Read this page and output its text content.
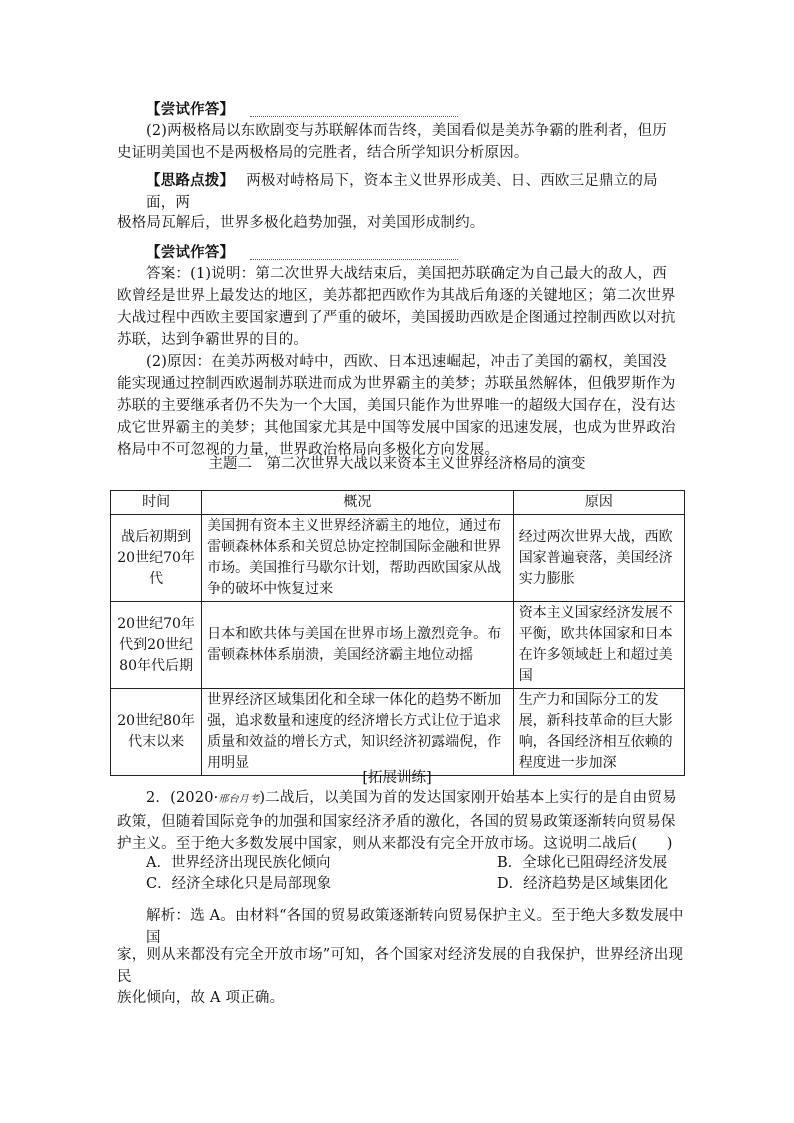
【尝试作答】
(2)两极格局以东欧剧变与苏联解体而告终，美国看似是美苏争霸的胜利者，但历史证明美国也不是两极格局的完胜者，结合所学知识分析原因。
【思路点拨】 两极对峙格局下，资本主义世界形成美、日、西欧三足鼎立的局面，两
极格局瓦解后，世界多极化趋势加强，对美国形成制约。
【尝试作答】
答案：(1)说明：第二次世界大战结束后，美国把苏联确定为自己最大的敌人，西欧曾经是世界上最发达的地区，美苏都把西欧作为其战后角逐的关键地区；第二次世界大战过程中西欧主要国家遭到了严重的破坏，美国援助西欧是企图通过控制西欧以对抗苏联，达到争霸世界的目的。
(2)原因：在美苏两极对峙中，西欧、日本迅速崛起，冲击了美国的霸权，美国没能实现通过控制西欧遏制苏联进而成为世界霸主的美梦；苏联虽然解体，但俄罗斯作为苏联的主要继承者仍不失为一个大国，美国只能作为世界唯一的超级大国存在，没有达成它世界霸主的美梦；其他国家尤其是中国等发展中国家的迅速发展，也成为世界政治格局中不可忽视的力量，世界政治格局向多极化方向发展。
主题二　第二次世界大战以来资本主义世界经济格局的演变
时间	概况	原因
战后初期到20世纪70年代	美国拥有资本主义世界经济霸主的地位，通过布雷顿森林体系和关贸总协定控制国际金融和世界市场。美国推行马歇尔计划，帮助西欧国家从战争的破坏中恢复过来	经过两次世界大战，西欧国家普遍衰落，美国经济实力膨胀
20世纪70年代到20世纪80年代后期	日本和欧共体与美国在世界市场上激烈竞争。布雷顿森林体系崩溃，美国经济霸主地位动摇	资本主义国家经济发展不平衡，欧共体国家和日本在许多领域赶上和超过美国
20世纪80年代末以来	世界经济区域集团化和全球一体化的趋势不断加强，追求数量和速度的经济增长方式让位于追求质量和效益的增长方式，知识经济初露端倪，作用明显	生产力和国际分工的发展，新科技革命的巨大影响，各国经济相互依赖的程度进一步加深
[拓展训练]
2．(2020·邢台月考)二战后，以美国为首的发达国家刚开始基本上实行的是自由贸易政策，但随着国际竞争的加强和国家经济矛盾的激化，各国的贸易政策逐渐转向贸易保护主义。至于绝大多数发展中国家，则从来都没有完全开放市场。这说明二战后(　　)
A．世界经济出现民族化倾向	B．全球化已阻碍经济发展
C．经济全球化只是局部现象	D．经济趋势是区域集团化
解析：选 A。由材料“各国的贸易政策逐渐转向贸易保护主义。至于绝大多数发展中国
家，则从来都没有完全开放市场”可知，各个国家对经济发展的自我保护，世界经济出现民
族化倾向，故 A 项正确。
